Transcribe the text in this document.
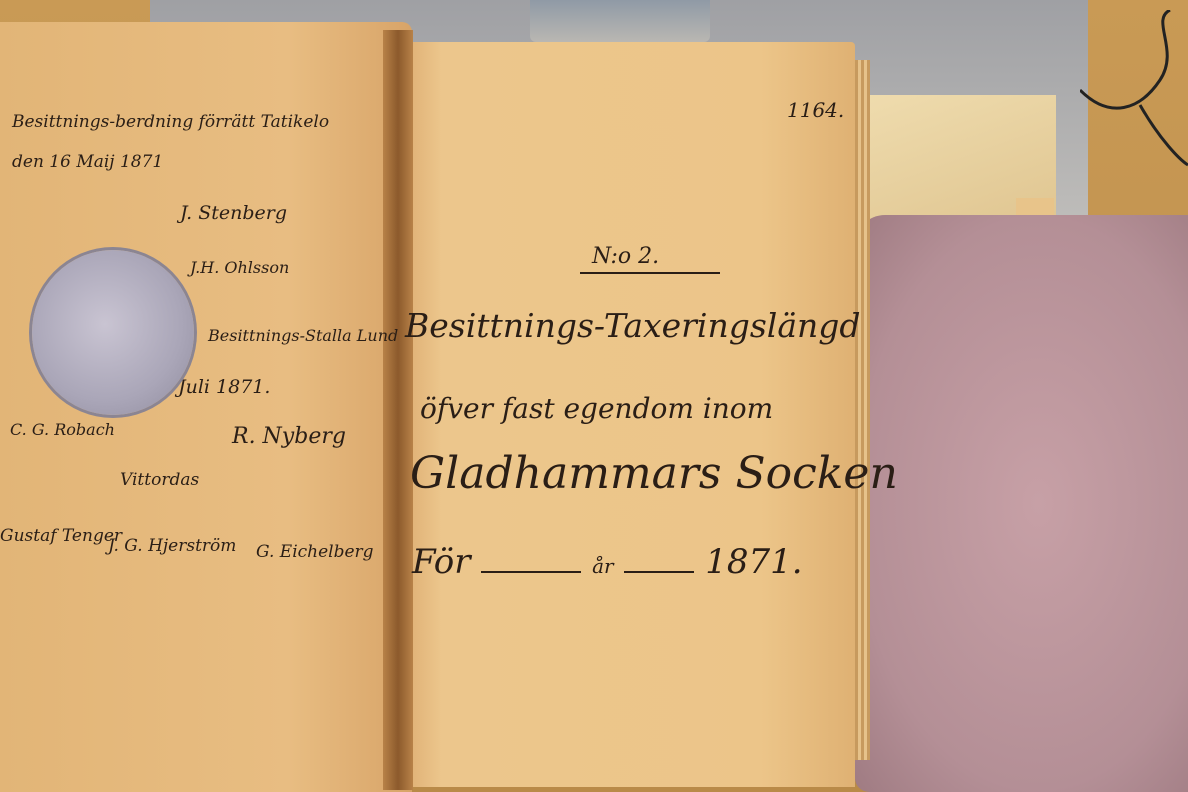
Besittnings-berdning förrätt Tatikelo
den 16 Maij 1871
J. Stenberg
J.H. Ohlsson
Besittnings-Stalla Lund
Juli 1871.
C. G. Robach	R. Nyberg
Vittordas
Gustaf Tenger
J. G. Hjerström G. Eichelberg
1164.
N:o 2.
Besittnings-Taxeringslängd
öfver fast egendom inom
Gladhammars Socken
För	år	1871.
